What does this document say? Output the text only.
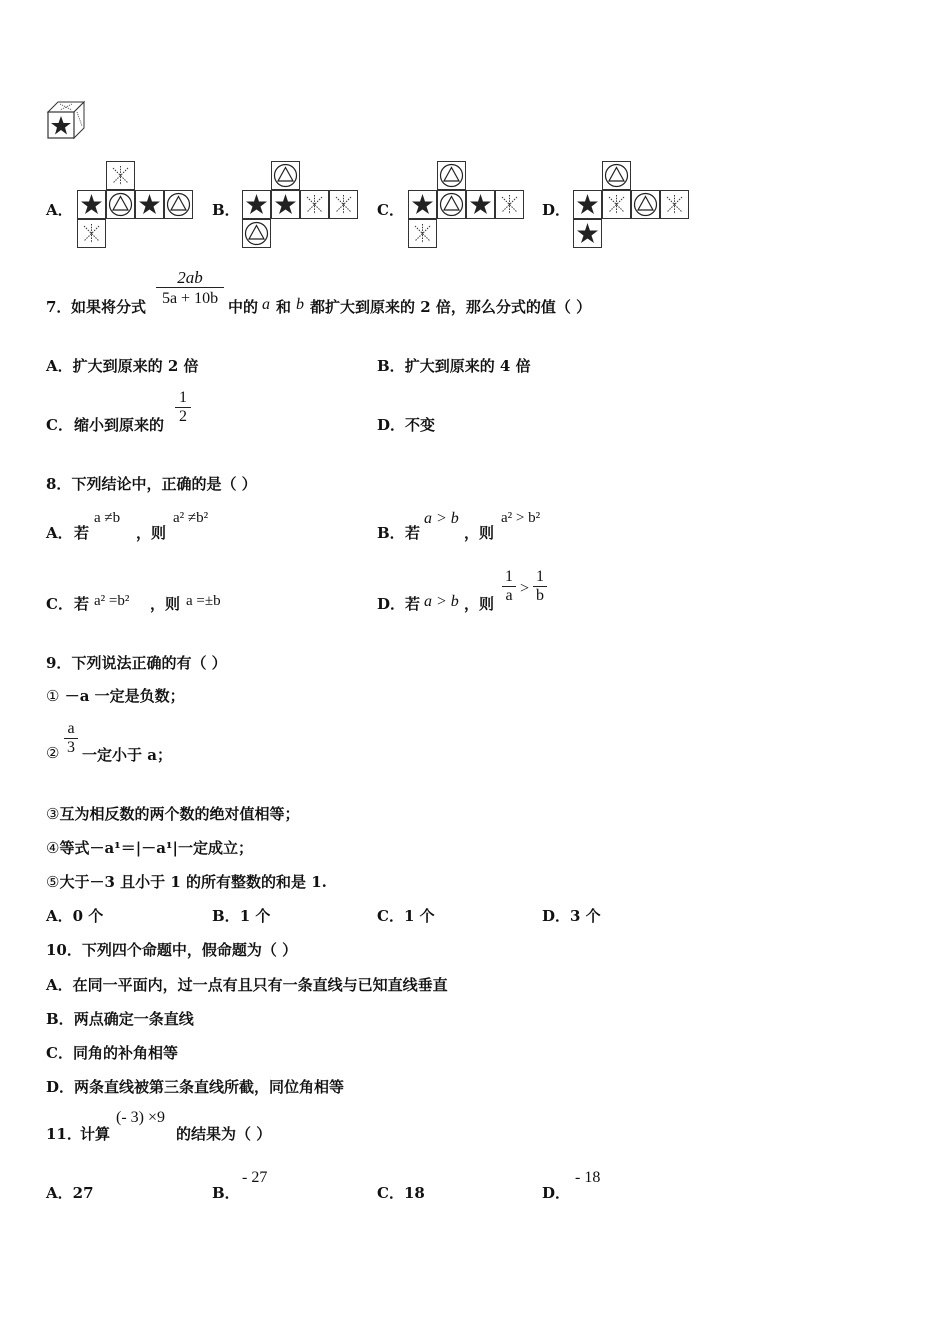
A．	B．	C．	D．
7． 如果将分式
2ab
5a + 10b 中的 a 和 b 都扩大到原来的 2 倍，那么分式的值（ ）
A．扩大到原来的 2 倍	B．扩大到原来的 4 倍
C． 缩小到原来的
1
2	D．不变
8．下列结论中，正确的是（ ）
A． 若
a ≠b
，则
a² ≠b²
B． 若
a > b
，则
a² > b²
C． 若 a² =b² ，则 a =±b	D． 若 a > b ，则
1
a >
1
b
9．下列说法正确的有（ ）
① －a 一定是负数；
②
a
3 一定小于 a；
③互为相反数的两个数的绝对值相等；
④等式－a¹＝|－a¹|一定成立；
⑤大于－3 且小于 1 的所有整数的和是 1.
A．0 个	B．1 个	C．1 个	D．3 个
10．下列四个命题中，假命题为（ ）
A．在同一平面内，过一点有且只有一条直线与已知直线垂直
B．两点确定一条直线
C．同角的补角相等
D．两条直线被第三条直线所截，同位角相等
11．
计算
(- 3) ×9
的结果为（ ）
A．27	B．
- 27
C．18	D．
- 18
